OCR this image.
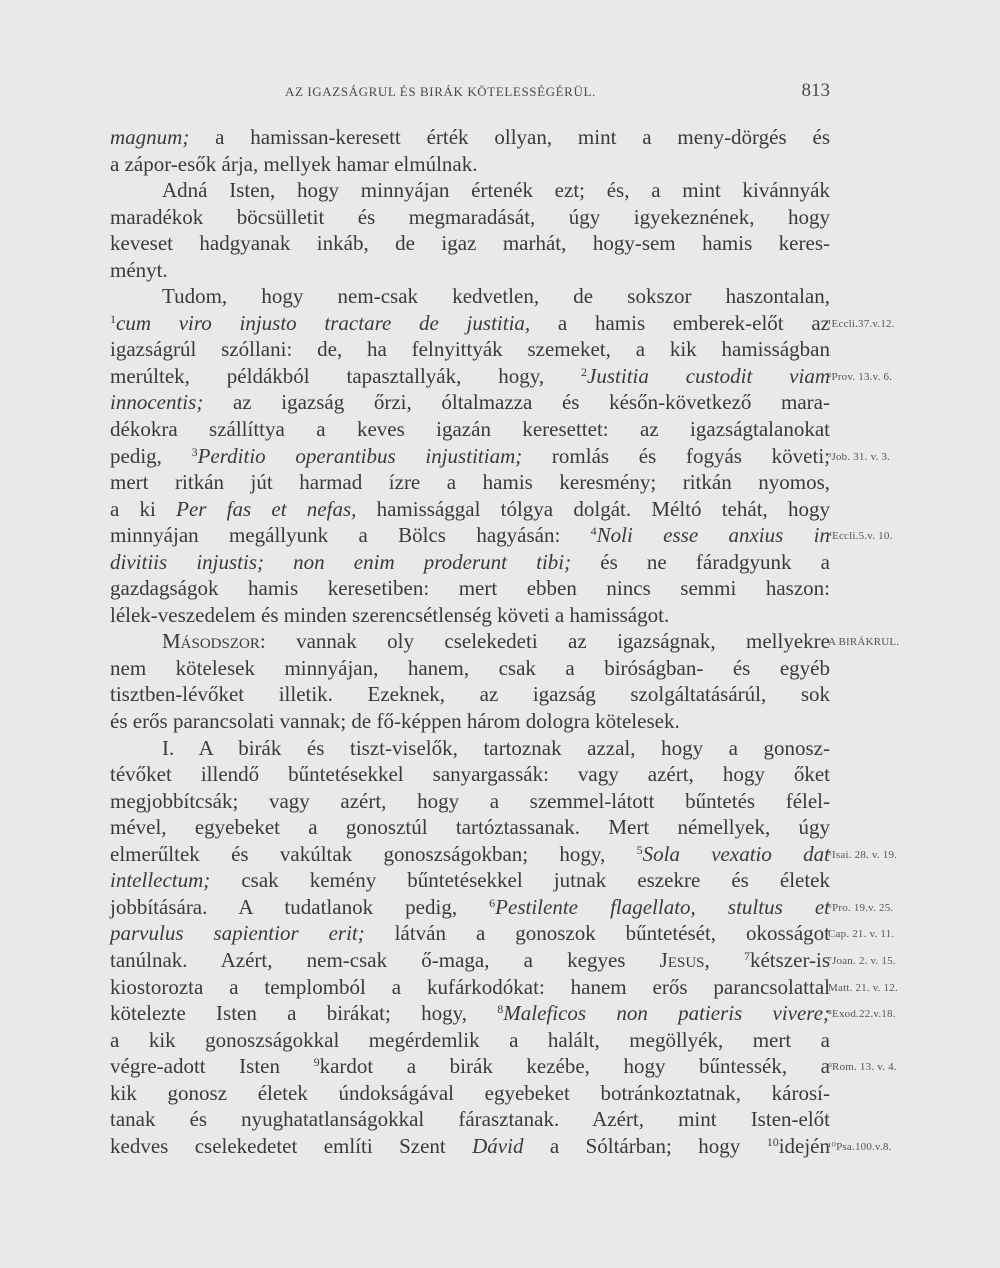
AZ IGAZSÁGRUL ÉS BIRÁK KÖTELESSÉGÉRÜL.	813
magnum; a hamissan-keresett érték ollyan, mint a meny-dörgés és
a zápor-esők árja, mellyek hamar elmúlnak.
Adná Isten, hogy minnyájan értenék ezt; és, a mint kivánnyák
maradékok böcsülletit és megmaradását, úgy igyekeznének, hogy
keveset hadgyanak inkáb, de igaz marhát, hogy-sem hamis keres-
ményt.
Tudom, hogy nem-csak kedvetlen, de sokszor haszontalan,
$^1$cum viro injusto tractare de justitia, a hamis emberek-előt az
¹Eccli.37.v.12.
igazságrúl szóllani: de, ha felnyittyák szemeket, a kik hamisságban
merúltek, példákból tapasztallyák, hogy, $^2$Justitia custodit viam
²Prov. 13.v. 6.
innocentis; az igazság őrzi, óltalmazza és későn-következő mara-
dékokra szállíttya a keves igazán keresettet: az igazságtalanokat
pedig, $^3$Perditio operantibus injustitiam; romlás és fogyás követi;
³Job. 31. v. 3.
mert ritkán jút harmad ízre a hamis keresmény; ritkán nyomos,
a ki Per fas et nefas, hamissággal tólgya dolgát. Méltó tehát, hogy
minnyájan megállyunk a Bölcs hagyásán: $^4$Noli esse anxius in
⁴Eccli.5.v. 10.
divitiis injustis; non enim proderunt tibi; és ne fáradgyunk a
gazdagságok hamis keresetiben: mert ebben nincs semmi haszon:
lélek-veszedelem és minden szerencsétlenség követi a hamisságot.
Másodszor: vannak oly cselekedeti az igazságnak, mellyekre
A BIRÁKRUL.
nem kötelesek minnyájan, hanem, csak a biróságban- és egyéb
tisztben-lévőket illetik. Ezeknek, az igazság szolgáltatásárúl, sok
és erős parancsolati vannak; de fő-képpen három dologra kötelesek.
I. A birák és tiszt-viselők, tartoznak azzal, hogy a gonosz-
tévőket illendő bűntetésekkel sanyargassák: vagy azért, hogy őket
megjobbítcsák; vagy azért, hogy a szemmel-látott bűntetés félel-
mével, egyebeket a gonosztúl tartóztassanak. Mert némellyek, úgy
elmerűltek és vakúltak gonoszságokban; hogy, $^5$Sola vexatio dat
⁵Isai. 28. v. 19.
intellectum; csak kemény bűntetésekkel jutnak eszekre és életek
jobbítására. A tudatlanok pedig, $^6$Pestilente flagellato, stultus et
⁶Pro. 19.v. 25.
parvulus sapientior erit; látván a gonoszok bűntetését, okosságot
Cap. 21. v. 11.
tanúlnak. Azért, nem-csak ő-maga, a kegyes Jesus,	$^7$kétszer-is
⁷Joan. 2. v. 15.
kiostorozta a templomból a kufárkodókat: hanem erős parancsolattal
Matt. 21. v. 12.
kötelezte Isten a birákat; hogy, $^8$Maleficos non patieris vivere;
⁸Exod.22.v.18.
a kik gonoszságokkal megérdemlik a halált, megöllyék, mert a
végre-adott Isten $^9$kardot a birák kezébe, hogy bűntessék, a
⁹Rom. 13. v. 4.
kik gonosz életek úndokságával egyebeket botránkoztatnak, károsí-
tanak és nyughatatlanságokkal fárasztanak. Azért, mint Isten-előt
kedves cselekedetet említi Szent Dávid a Sóltárban; hogy $^{10}$idején
¹⁰Psa.100.v.8.
